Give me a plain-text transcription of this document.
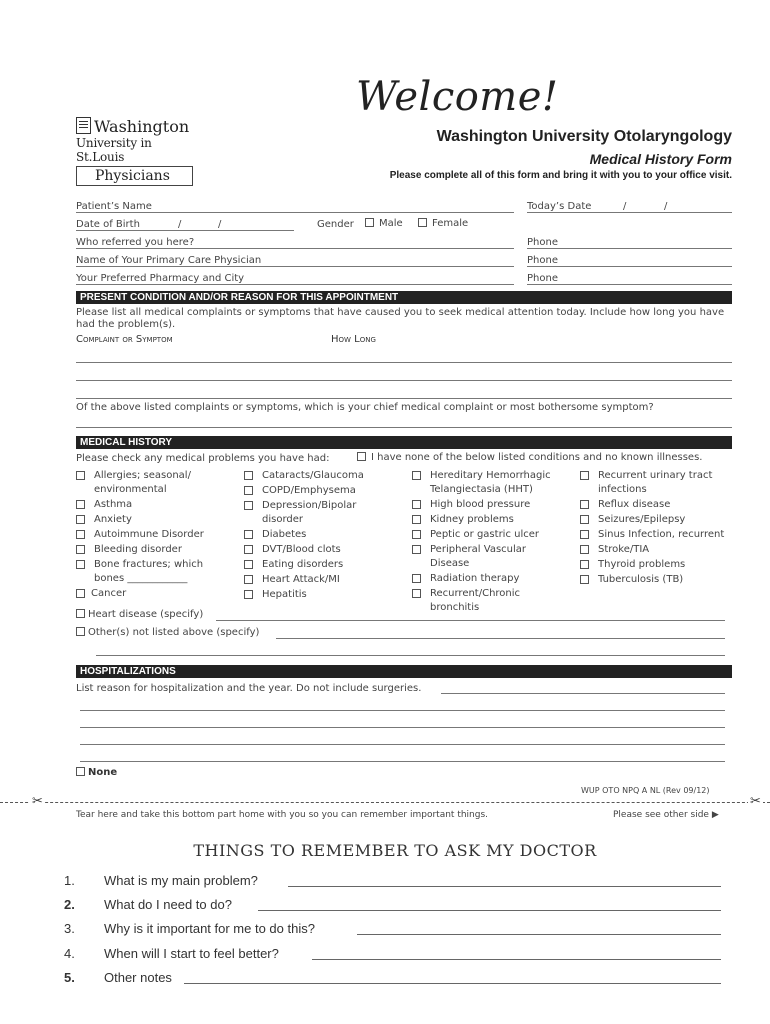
Welcome!
Washington
University in St.Louis
Physicians
Washington University Otolaryngology
Medical History Form
Please complete all of this form and bring it with you to your office visit.
Patient’s Name	Today’s Date	/	/
Date of Birth	/	/	Gender	Male	Female
Who referred you here?	Phone
Name of Your Primary Care Physician	Phone
Your Preferred Pharmacy and City	Phone
PRESENT CONDITION AND/OR REASON FOR THIS APPOINTMENT
Please list all medical complaints or symptoms that have caused you to seek medical attention today. Include how long you have had the problem(s).
Complaint or Symptom	How Long
Of the above listed complaints or symptoms, which is your chief medical complaint or most bothersome symptom?
MEDICAL HISTORY
Please check any medical problems you have had:	I have none of the below listed conditions and no known illnesses.
Allergies; seasonal/ environmental
Asthma
Anxiety
Autoimmune Disorder
Bleeding disorder
Bone fractures; which bones ____________
Cancer
Cataracts/Glaucoma
COPD/Emphysema
Depression/Bipolar disorder
Diabetes
DVT/Blood clots
Eating disorders
Heart Attack/MI
Hepatitis
Hereditary Hemorrhagic Telangiectasia (HHT)
High blood pressure
Kidney problems
Peptic or gastric ulcer
Peripheral Vascular Disease
Radiation therapy
Recurrent/Chronic bronchitis
Recurrent urinary tract infections
Reflux disease
Seizures/Epilepsy
Sinus Infection, recurrent
Stroke/TIA
Thyroid problems
Tuberculosis (TB)
Heart disease (specify)
Other(s) not listed above (specify)
HOSPITALIZATIONS
List reason for hospitalization and the year. Do not include surgeries.
None
WUP OTO NPQ A NL (Rev 09/12)
✂	✂
Tear here and take this bottom part home with you so you can remember important things.	Please see other side ▶
THINGS TO REMEMBER TO ASK MY DOCTOR
1. What is my main problem?
2. What do I need to do?
3. Why is it important for me to do this?
4. When will I start to feel better?
5. Other notes
